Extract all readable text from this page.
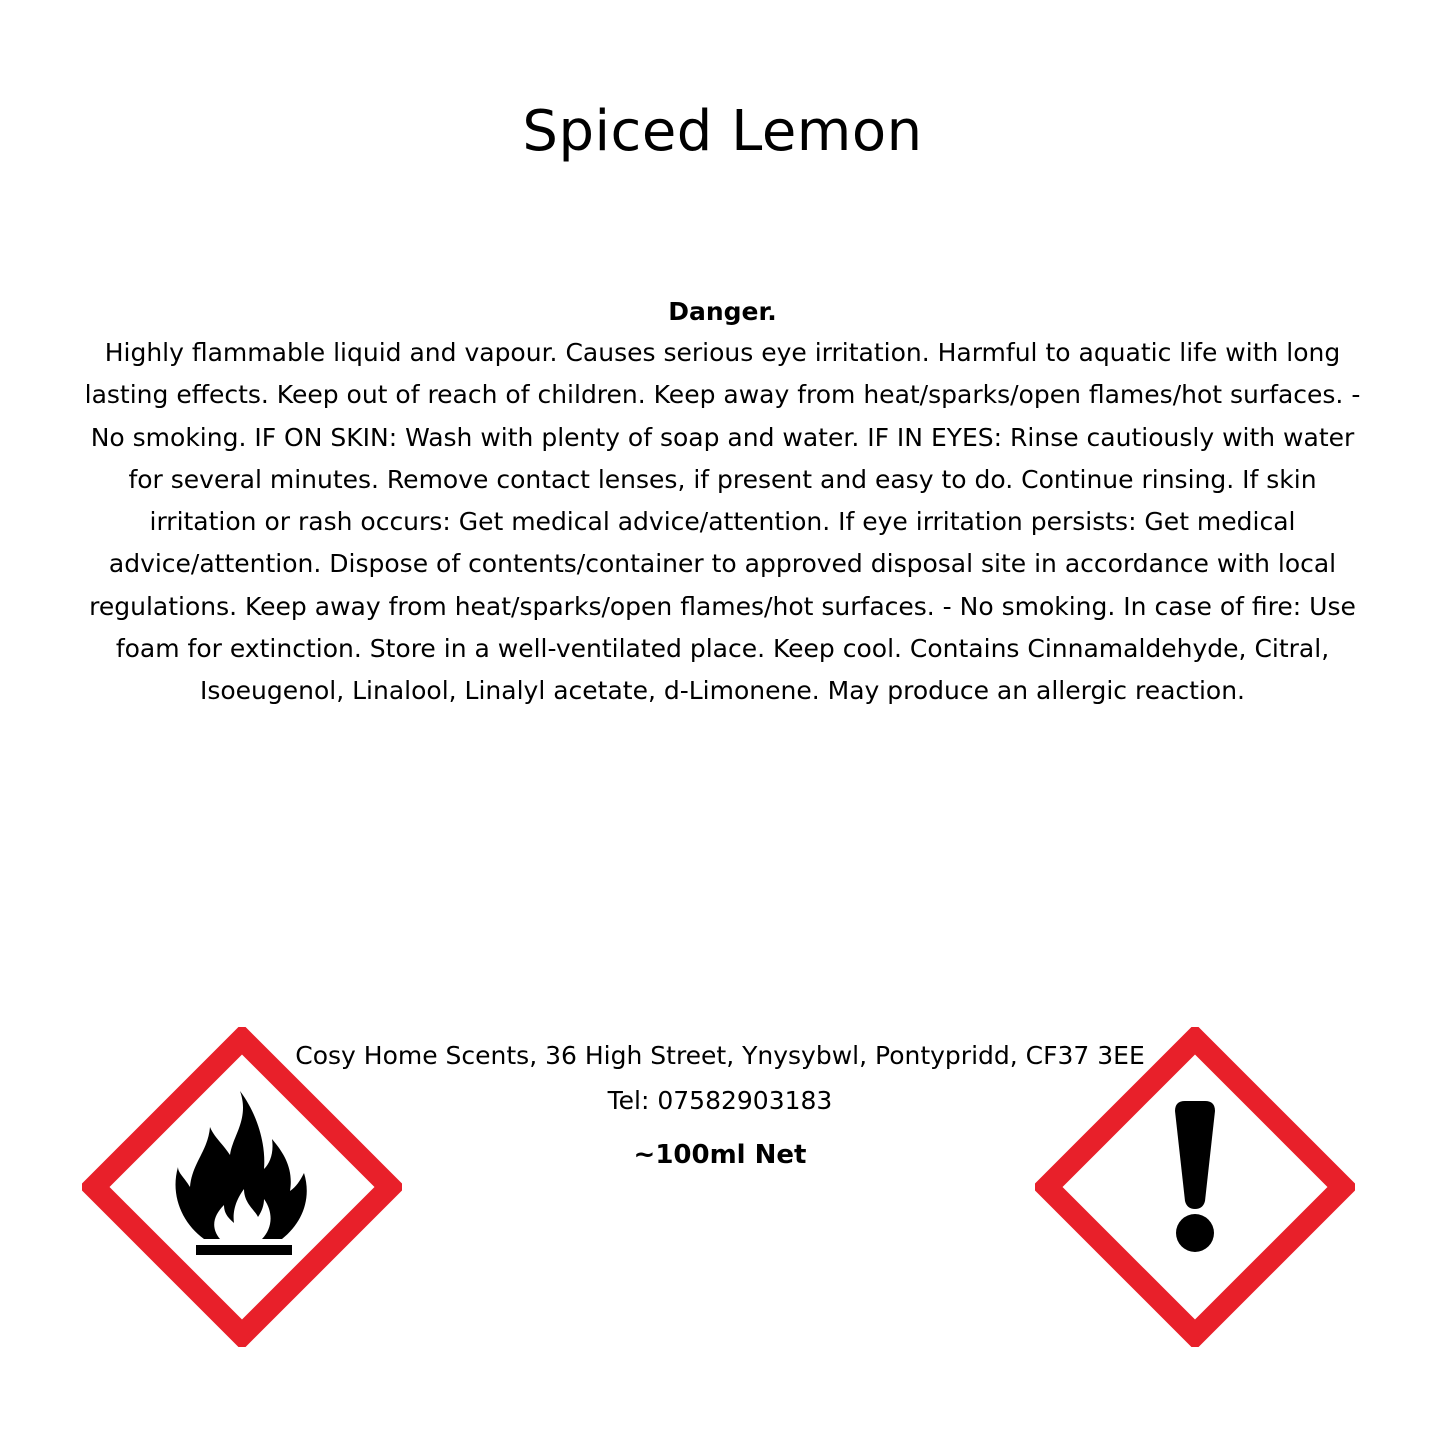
Spiced Lemon
Danger.
Highly flammable liquid and vapour. Causes serious eye irritation. Harmful to aquatic life with long lasting effects. Keep out of reach of children. Keep away from heat/sparks/open flames/hot surfaces. - No smoking. IF ON SKIN: Wash with plenty of soap and water. IF IN EYES: Rinse cautiously with water for several minutes. Remove contact lenses, if present and easy to do. Continue rinsing. If skin irritation or rash occurs: Get medical advice/attention. If eye irritation persists: Get medical advice/attention. Dispose of contents/container to approved disposal site in accordance with local regulations. Keep away from heat/sparks/open flames/hot surfaces. - No smoking. In case of fire: Use foam for extinction. Store in a well-ventilated place. Keep cool. Contains Cinnamaldehyde, Citral, Isoeugenol, Linalool, Linalyl acetate, d-Limonene. May produce an allergic reaction.
Cosy Home Scents, 36 High Street, Ynysybwl, Pontypridd, CF37 3EE
Tel: 07582903183
~100ml Net
